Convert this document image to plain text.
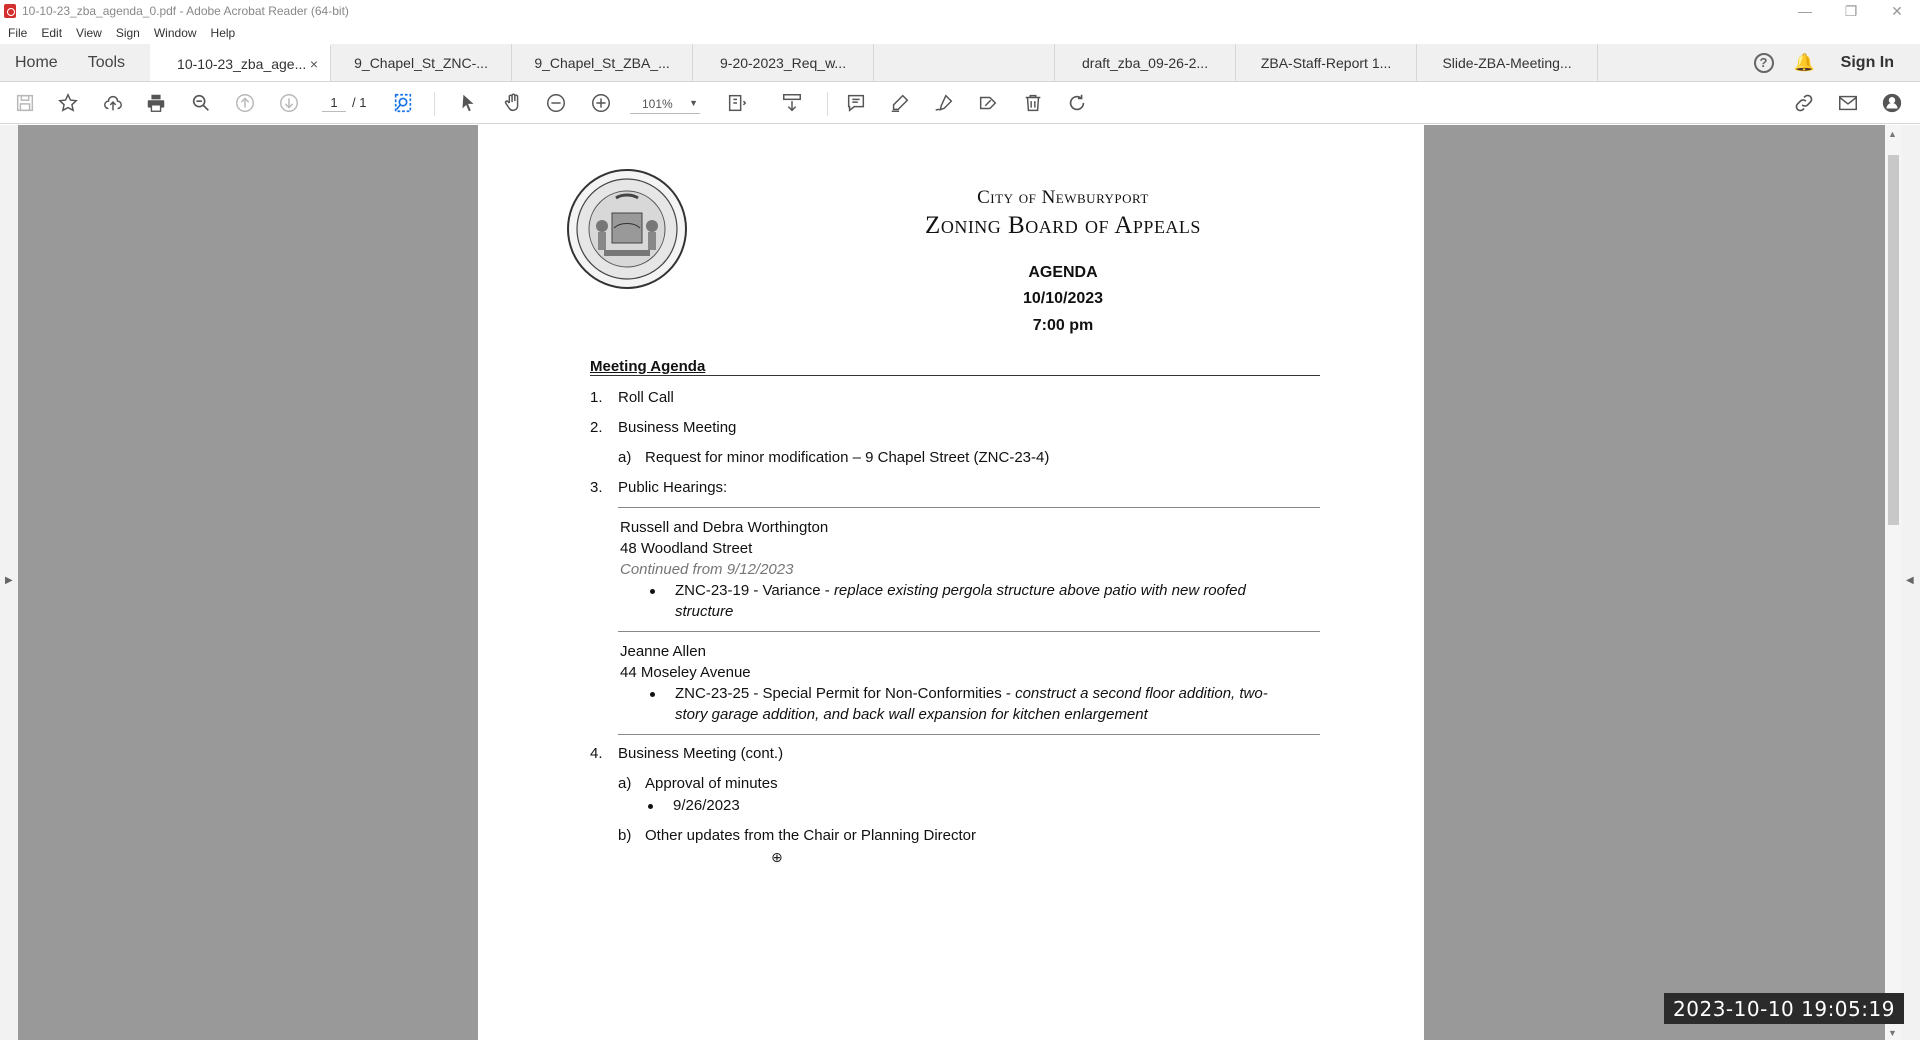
10-10-23_zba_agenda_0.pdf - Adobe Acrobat Reader (64-bit)	—	❐	✕
File Edit View Sign Window Help
Home	Tools	10-10-23_zba_age... ×	9_Chapel_St_ZNC-...	9_Chapel_St_ZBA_...	9-20-2023_Req_w...	draft_zba_09-26-2...	ZBA-Staff-Report 1...	Slide-ZBA-Meeting...	?	🔔 Sign In
1
/ 1	101% ▼
▶
▲
▼
◀
City of Newburyport
Zoning Board of Appeals
AGENDA
10/10/2023
7:00 pm
Meeting Agenda
1. Roll Call
2. Business Meeting
a) Request for minor modification – 9 Chapel Street (ZNC-23-4)
3. Public Hearings:
Russell and Debra Worthington
48 Woodland Street
Continued from 9/12/2023
ZNC-23-19 - Variance - replace existing pergola structure above patio with new roofed
structure
Jeanne Allen
44 Moseley Avenue
ZNC-23-25 - Special Permit for Non-Conformities - construct a second floor addition, two-
story garage addition, and back wall expansion for kitchen enlargement
4. Business Meeting (cont.)
a) Approval of minutes
9/26/2023
b) Other updates from the Chair or Planning Director
⊕
2023-10-10 19:05:19
